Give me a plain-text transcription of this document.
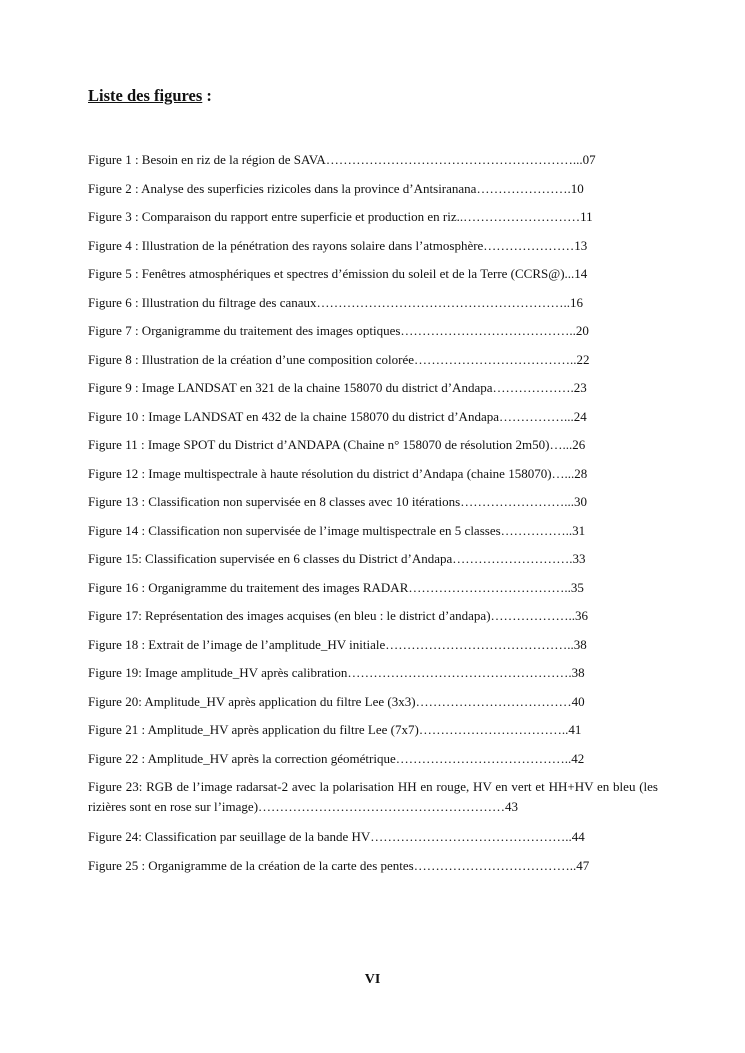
Liste des figures :
Figure 1 : Besoin en riz de la région de SAVA…………………………………………………...07
Figure 2 : Analyse des superficies rizicoles dans la province d’Antsiranana………………….10
Figure 3 : Comparaison du rapport entre superficie et production en riz..………………………11
Figure 4 : Illustration de la pénétration des rayons solaire dans l’atmosphère…………………13
Figure 5 : Fenêtres atmosphériques et spectres d’émission du soleil et de la Terre (CCRS@)...14
Figure 6 : Illustration du filtrage des canaux…………………………………………………..16
Figure 7 : Organigramme du traitement des images optiques…………………………………..20
Figure 8 : Illustration de la création d’une composition colorée………………………………..22
Figure 9 : Image LANDSAT en 321 de la chaine 158070 du district d’Andapa……………….23
Figure 10 : Image LANDSAT en 432 de la chaine 158070 du district d’Andapa……………...24
Figure 11 : Image SPOT du District d’ANDAPA (Chaine n° 158070 de résolution 2m50)…...26
Figure 12 : Image multispectrale à haute résolution du district d’Andapa (chaine 158070)…...28
Figure 13 : Classification non supervisée en 8 classes avec 10 itérations……………………...30
Figure 14 : Classification non supervisée de l’image multispectrale en 5 classes……………..31
Figure 15: Classification supervisée en 6 classes du District d’Andapa……………………….33
Figure 16 : Organigramme du traitement des images RADAR………………………………..35
Figure 17: Représentation des images acquises (en bleu : le district d’andapa)………………..36
Figure 18 : Extrait de l’image de l’amplitude_HV initiale……………………………………..38
Figure 19: Image amplitude_HV après calibration…………………………………………….38
Figure 20: Amplitude_HV après application du filtre Lee (3x3)………………………………40
Figure 21 : Amplitude_HV après application du filtre Lee (7x7)……………………………..41
Figure 22 : Amplitude_HV après la correction géométrique…………………………………..42
Figure 23: RGB de l’image radarsat-2 avec la polarisation HH en rouge, HV en vert et HH+HV en bleu (les rizières sont en rose sur l’image)…………………………………………………43
Figure 24: Classification par seuillage de la bande HV………………………………………..44
Figure 25 : Organigramme de la création de la carte des pentes………………………………..47
VI
